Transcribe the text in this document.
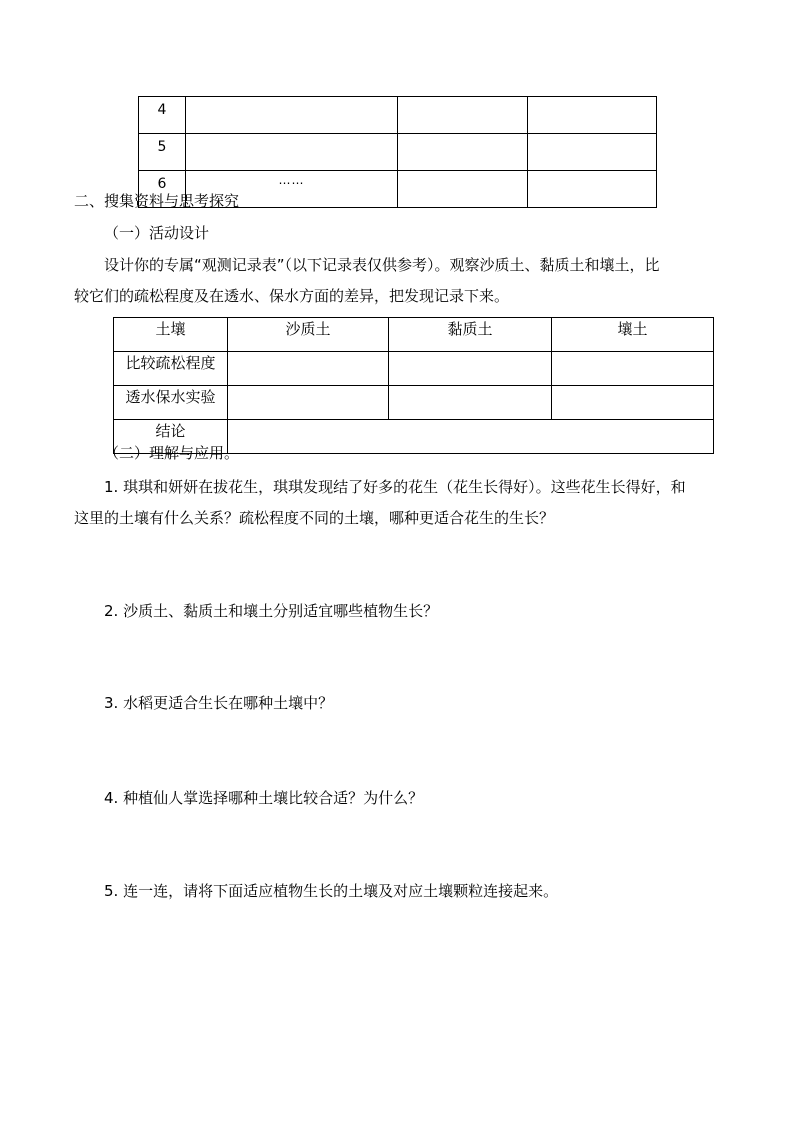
4			
5			
6	……		
二、搜集资料与思考探究
（一）活动设计
设计你的专属“观测记录表”（以下记录表仅供参考）。观察沙质土、黏质土和壤土，比
较它们的疏松程度及在透水、保水方面的差异，把发现记录下来。
土壤	沙质土	黏质土	壤土
比较疏松程度			
透水保水实验			
结论			
（二）理解与应用。
1. 琪琪和妍妍在拔花生，琪琪发现结了好多的花生（花生长得好）。这些花生长得好，和
这里的土壤有什么关系？疏松程度不同的土壤，哪种更适合花生的生长？
2. 沙质土、黏质土和壤土分别适宜哪些植物生长？
3. 水稻更适合生长在哪种土壤中？
4. 种植仙人掌选择哪种土壤比较合适？为什么？
5. 连一连，请将下面适应植物生长的土壤及对应土壤颗粒连接起来。
